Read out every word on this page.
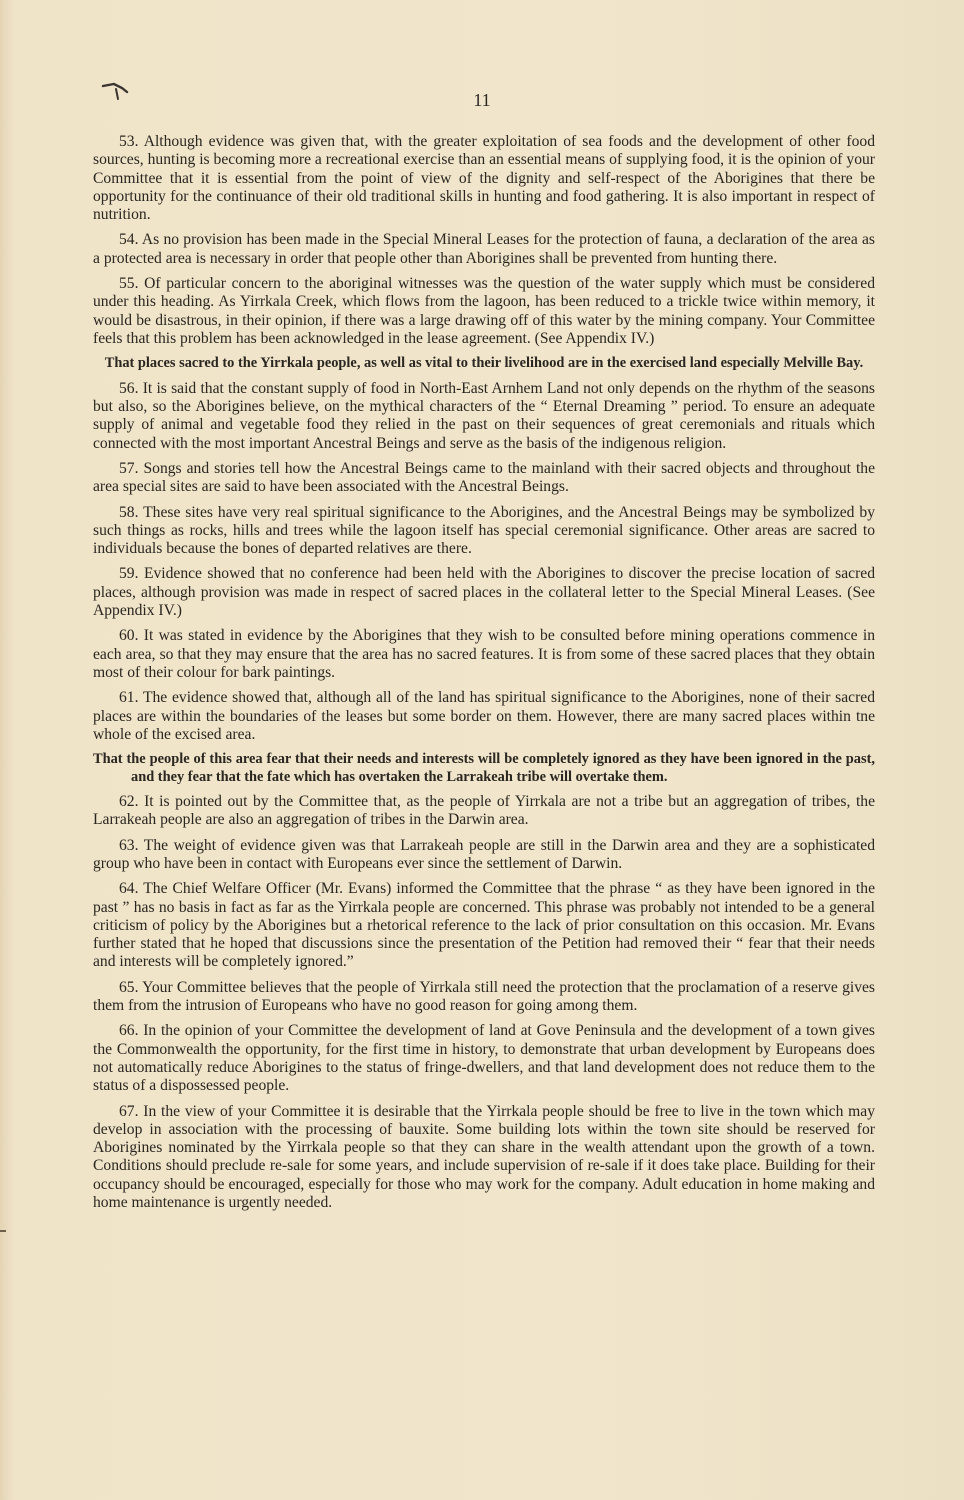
11

53. Although evidence was given that, with the greater exploitation of sea foods and the development of other food sources, hunting is becoming more a recreational exercise than an essential means of supplying food, it is the opinion of your Committee that it is essential from the point of view of the dignity and self-respect of the Aborigines that there be opportunity for the continuance of their old traditional skills in hunting and food gathering. It is also important in respect of nutrition.

54. As no provision has been made in the Special Mineral Leases for the protection of fauna, a declaration of the area as a protected area is necessary in order that people other than Aborigines shall be prevented from hunting there.

55. Of particular concern to the aboriginal witnesses was the question of the water supply which must be considered under this heading. As Yirrkala Creek, which flows from the lagoon, has been reduced to a trickle twice within memory, it would be disastrous, in their opinion, if there was a large drawing off of this water by the mining company. Your Committee feels that this problem has been acknowledged in the lease agreement. (See Appendix IV.)

That places sacred to the Yirrkala people, as well as vital to their livelihood are in the exercised land especially Melville Bay.

56. It is said that the constant supply of food in North-East Arnhem Land not only depends on the rhythm of the seasons but also, so the Aborigines believe, on the mythical characters of the “ Eternal Dreaming ” period. To ensure an adequate supply of animal and vegetable food they relied in the past on their sequences of great ceremonials and rituals which connected with the most important Ancestral Beings and serve as the basis of the indigenous religion.

57. Songs and stories tell how the Ancestral Beings came to the mainland with their sacred objects and throughout the area special sites are said to have been associated with the Ancestral Beings.

58. These sites have very real spiritual significance to the Aborigines, and the Ancestral Beings may be symbolized by such things as rocks, hills and trees while the lagoon itself has special ceremonial significance. Other areas are sacred to individuals because the bones of departed relatives are there.

59. Evidence showed that no conference had been held with the Aborigines to discover the precise location of sacred places, although provision was made in respect of sacred places in the collateral letter to the Special Mineral Leases. (See Appendix IV.)

60. It was stated in evidence by the Aborigines that they wish to be consulted before mining operations commence in each area, so that they may ensure that the area has no sacred features. It is from some of these sacred places that they obtain most of their colour for bark paintings.

61. The evidence showed that, although all of the land has spiritual significance to the Aborigines, none of their sacred places are within the boundaries of the leases but some border on them. However, there are many sacred places within tne whole of the excised area.

That the people of this area fear that their needs and interests will be completely ignored as they have been ignored in the past, and they fear that the fate which has overtaken the Larrakeah tribe will overtake them.

62. It is pointed out by the Committee that, as the people of Yirrkala are not a tribe but an aggregation of tribes, the Larrakeah people are also an aggregation of tribes in the Darwin area.

63. The weight of evidence given was that Larrakeah people are still in the Darwin area and they are a sophisticated group who have been in contact with Europeans ever since the settlement of Darwin.

64. The Chief Welfare Officer (Mr. Evans) informed the Committee that the phrase “ as they have been ignored in the past ” has no basis in fact as far as the Yirrkala people are concerned. This phrase was probably not intended to be a general criticism of policy by the Aborigines but a rhetorical reference to the lack of prior consultation on this occasion. Mr. Evans further stated that he hoped that discussions since the presentation of the Petition had removed their “ fear that their needs and interests will be completely ignored.”

65. Your Committee believes that the people of Yirrkala still need the protection that the proclamation of a reserve gives them from the intrusion of Europeans who have no good reason for going among them.

66. In the opinion of your Committee the development of land at Gove Peninsula and the development of a town gives the Commonwealth the opportunity, for the first time in history, to demonstrate that urban development by Europeans does not automatically reduce Aborigines to the status of fringe-dwellers, and that land development does not reduce them to the status of a dispossessed people.

67. In the view of your Committee it is desirable that the Yirrkala people should be free to live in the town which may develop in association with the processing of bauxite. Some building lots within the town site should be reserved for Aborigines nominated by the Yirrkala people so that they can share in the wealth attendant upon the growth of a town. Conditions should preclude re-sale for some years, and include supervision of re-sale if it does take place. Building for their occupancy should be encouraged, especially for those who may work for the company. Adult education in home making and home maintenance is urgently needed.
